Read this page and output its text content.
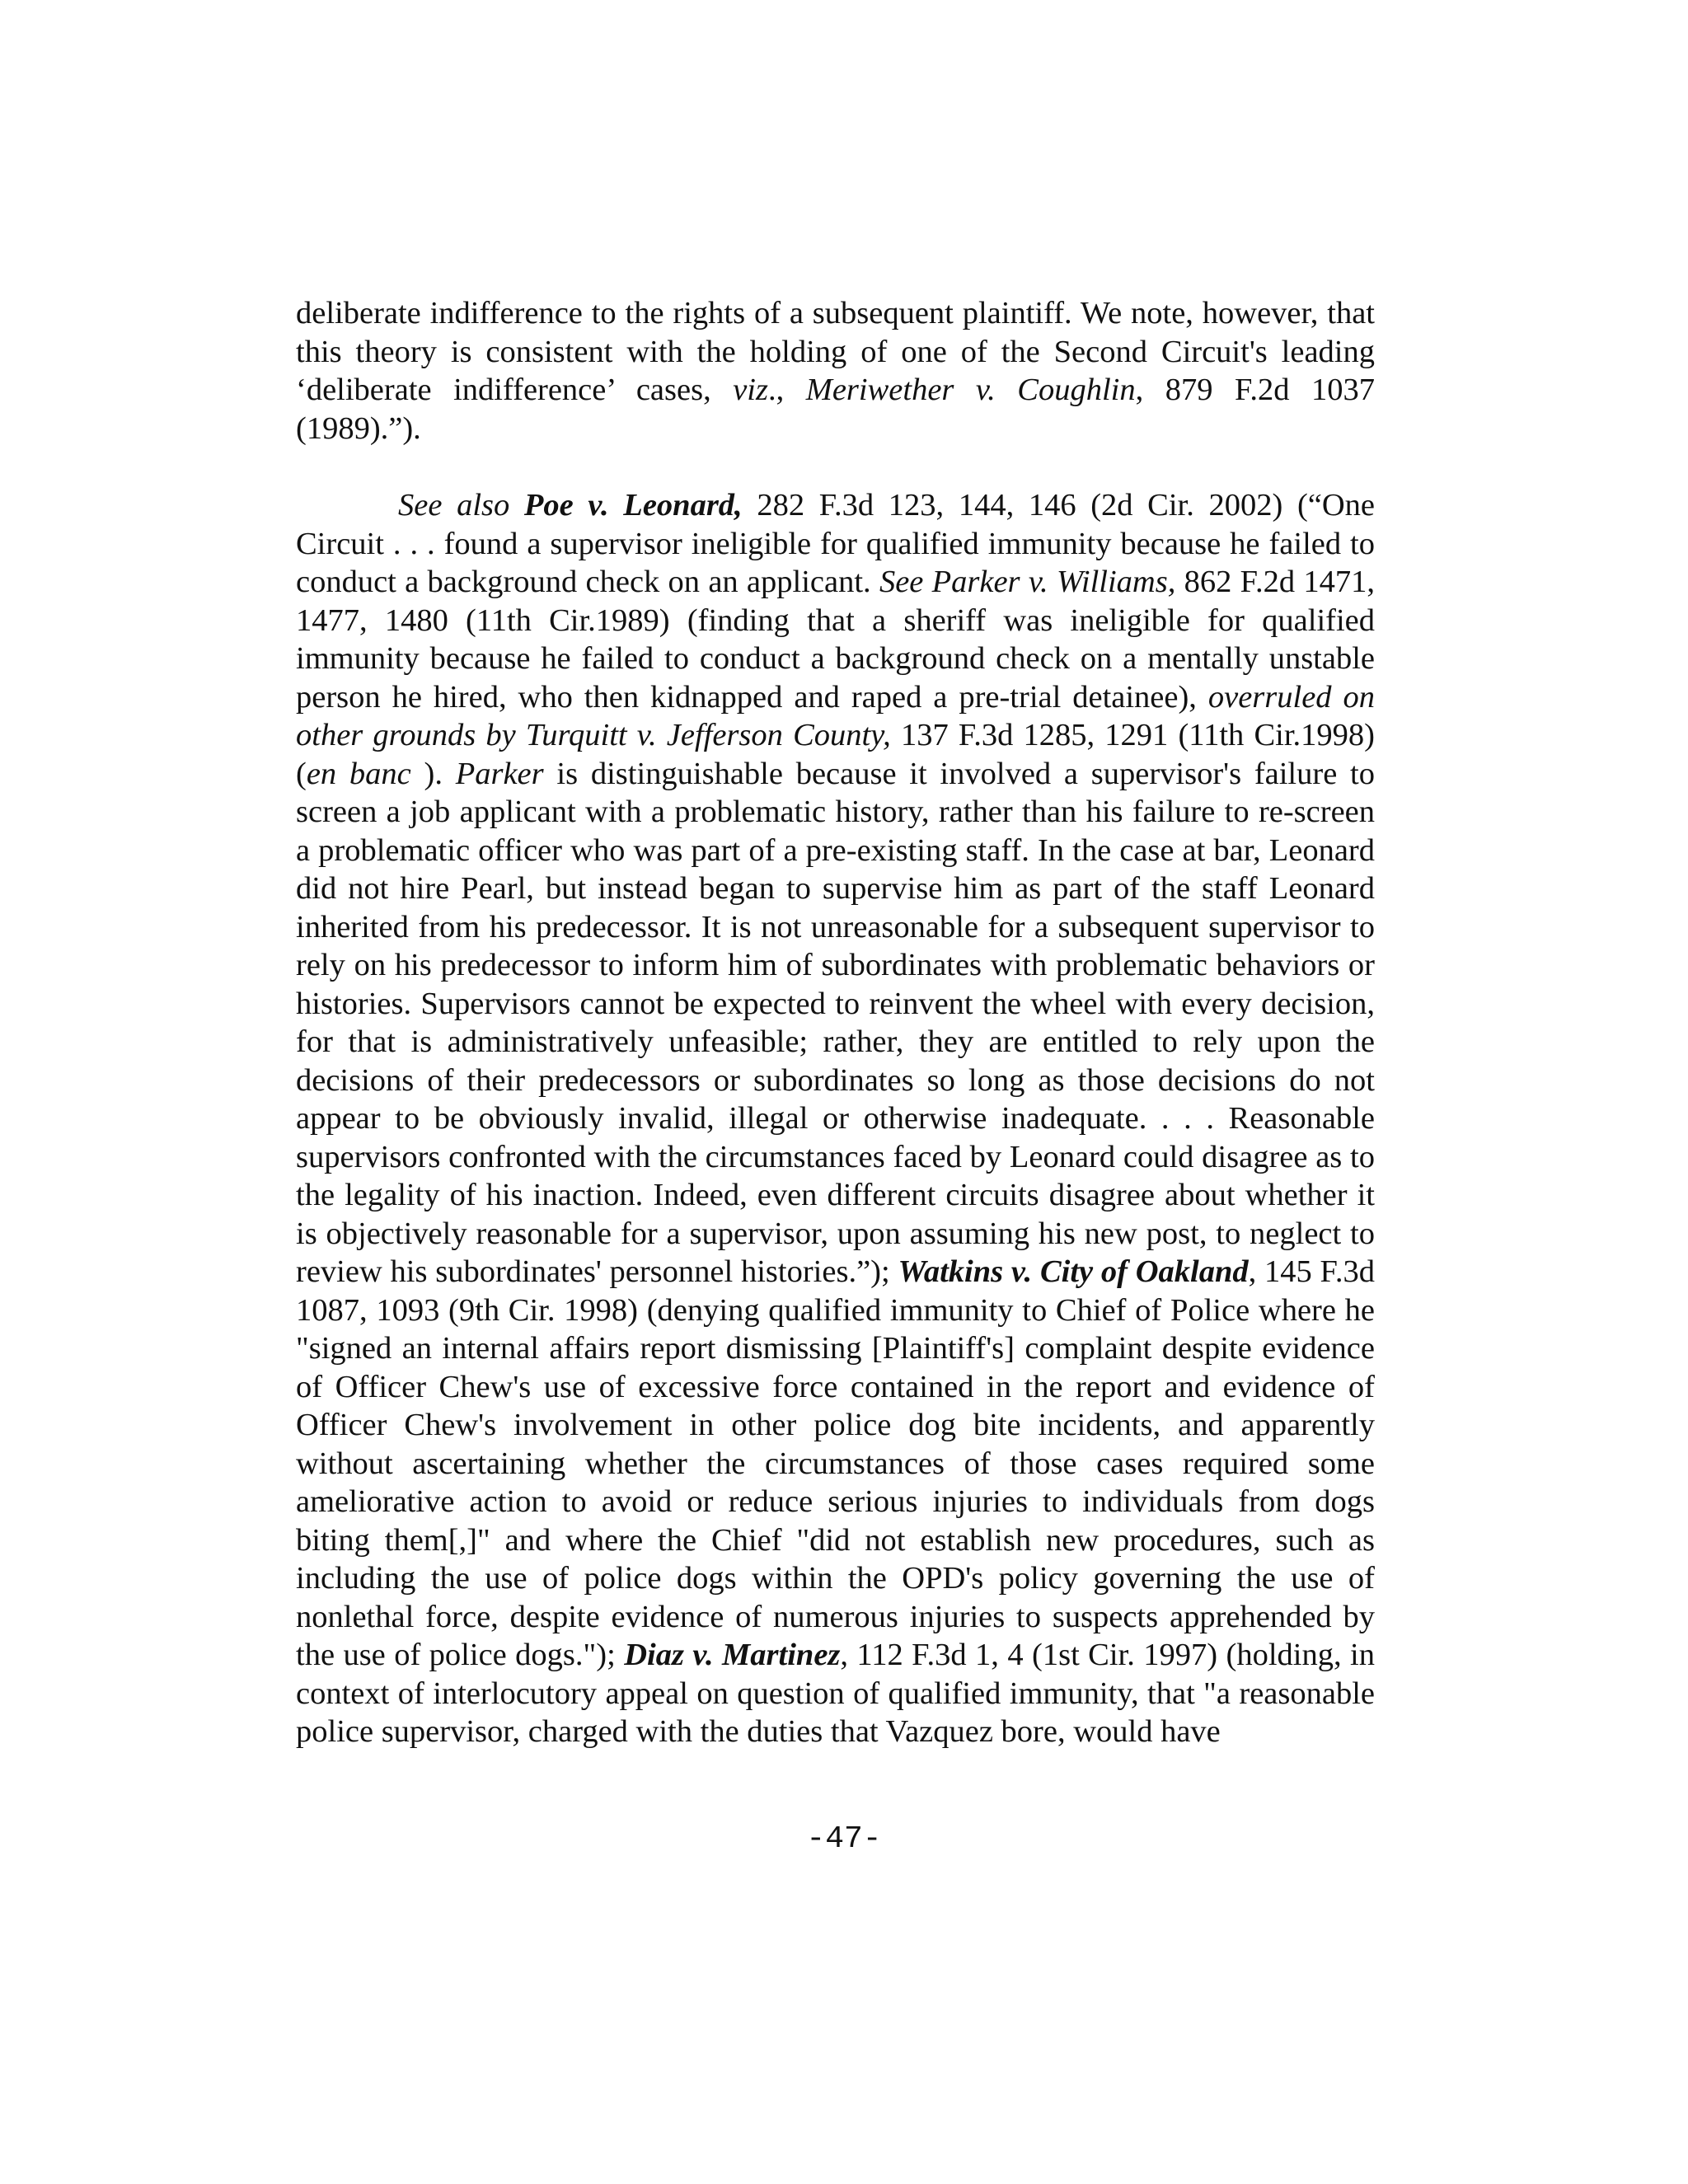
deliberate indifference to the rights of a subsequent plaintiff. We note, however, that this theory is consistent with the holding of one of the Second Circuit's leading ‘deliberate indifference’ cases, viz., Meriwether v. Coughlin, 879 F.2d 1037 (1989).”).

See also Poe v. Leonard, 282 F.3d 123, 144, 146 (2d Cir. 2002) (“One Circuit . . . found a supervisor ineligible for qualified immunity because he failed to conduct a background check on an applicant. See Parker v. Williams, 862 F.2d 1471, 1477, 1480 (11th Cir.1989) (finding that a sheriff was ineligible for qualified immunity because he failed to conduct a background check on a mentally unstable person he hired, who then kidnapped and raped a pre-trial detainee), overruled on other grounds by Turquitt v. Jefferson County, 137 F.3d 1285, 1291 (11th Cir.1998) (en banc ). Parker is distinguishable because it involved a supervisor's failure to screen a job applicant with a problematic history, rather than his failure to re-screen a problematic officer who was part of a pre-existing staff. In the case at bar, Leonard did not hire Pearl, but instead began to supervise him as part of the staff Leonard inherited from his predecessor. It is not unreasonable for a subsequent supervisor to rely on his predecessor to inform him of subordinates with problematic behaviors or histories. Supervisors cannot be expected to reinvent the wheel with every decision, for that is administratively unfeasible; rather, they are entitled to rely upon the decisions of their predecessors or subordinates so long as those decisions do not appear to be obviously invalid, illegal or otherwise inadequate. . . . Reasonable supervisors confronted with the circumstances faced by Leonard could disagree as to the legality of his inaction. Indeed, even different circuits disagree about whether it is objectively reasonable for a supervisor, upon assuming his new post, to neglect to review his subordinates' personnel histories.”); Watkins v. City of Oakland, 145 F.3d 1087, 1093 (9th Cir. 1998) (denying qualified immunity to Chief of Police where he "signed an internal affairs report dismissing [Plaintiff's] complaint despite evidence of Officer Chew's use of excessive force contained in the report and evidence of Officer Chew's involvement in other police dog bite incidents, and apparently without ascertaining whether the circumstances of those cases required some ameliorative action to avoid or reduce serious injuries to individuals from dogs biting them[,]" and where the Chief "did not establish new procedures, such as including the use of police dogs within the OPD's policy governing the use of nonlethal force, despite evidence of numerous injuries to suspects apprehended by the use of police dogs."); Diaz v. Martinez, 112 F.3d 1, 4 (1st Cir. 1997) (holding, in context of interlocutory appeal on question of qualified immunity, that "a reasonable police supervisor, charged with the duties that Vazquez bore, would have

-47-
